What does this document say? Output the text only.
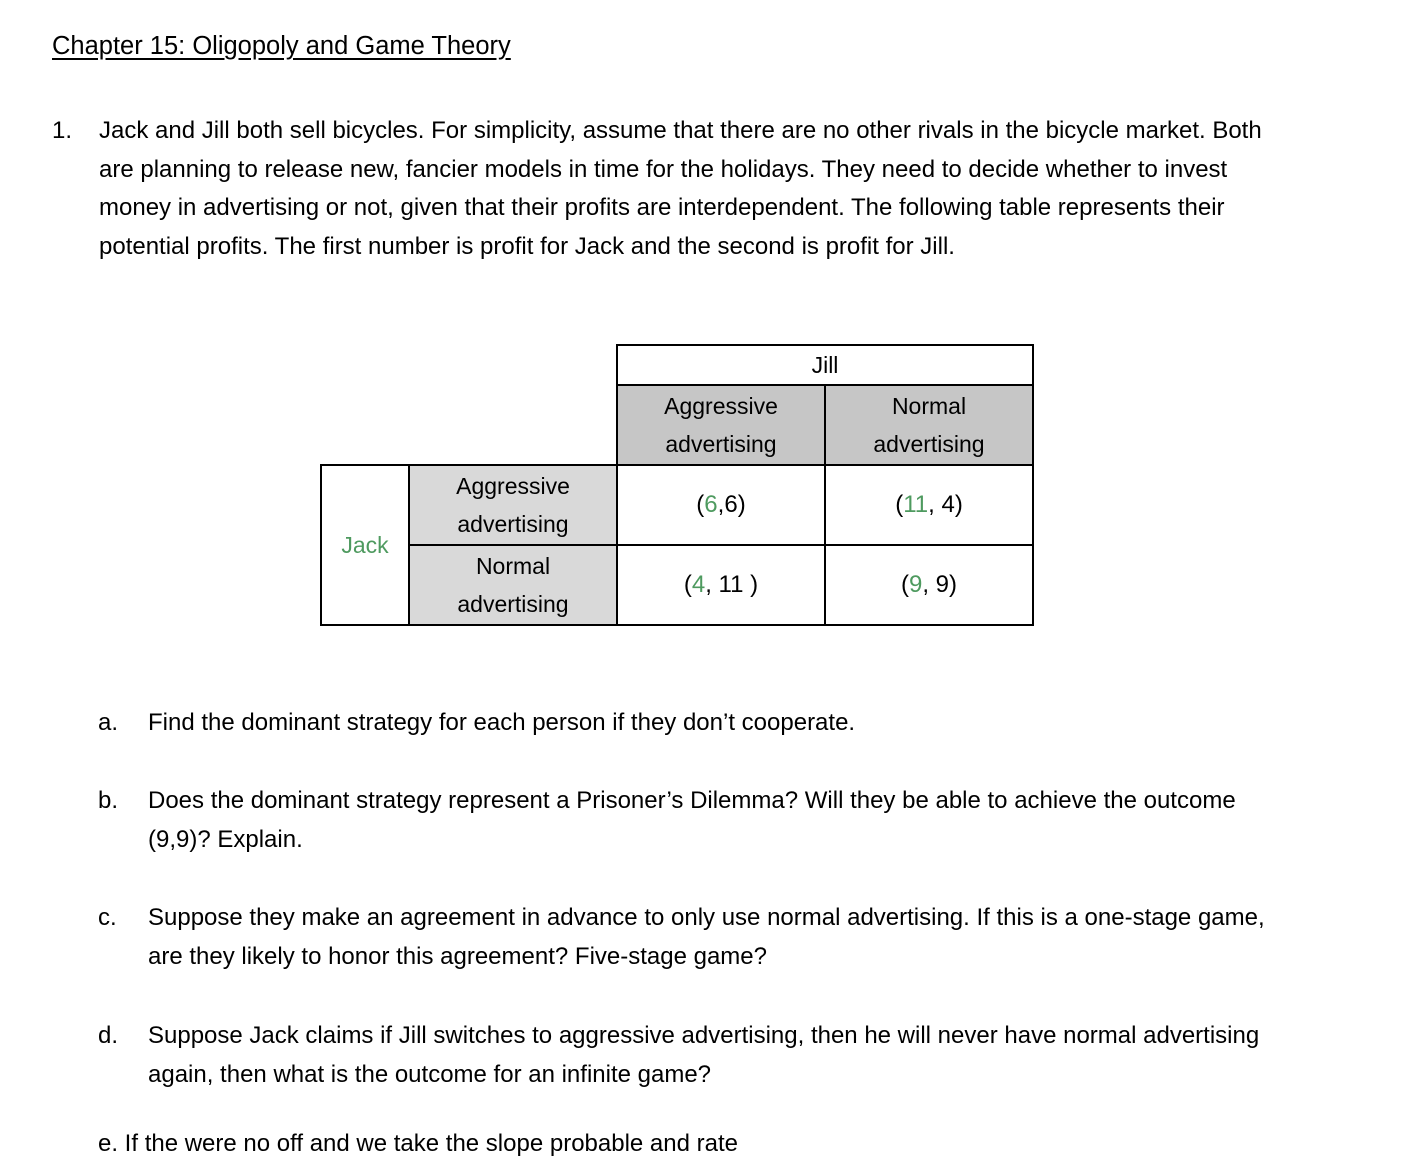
Chapter 15: Oligopoly and Game Theory
1.	Jack and Jill both sell bicycles. For simplicity, assume that there are no other rivals in the bicycle market. Both are planning to release new, fancier models in time for the holidays. They need to decide whether to invest money in advertising or not, given that their profits are interdependent. The following table represents their potential profits. The first number is profit for Jack and the second is profit for Jill.
		Jill	

		Aggressive
advertising	Normal
advertising

Jack	Aggressive
advertising	(6,6)	(11, 4)

	Normal
advertising	(4, 11 )	(9, 9)
a.	Find the dominant strategy for each person if they don’t cooperate.
b.	Does the dominant strategy represent a Prisoner’s Dilemma? Will they be able to achieve the outcome (9,9)? Explain.
c.	Suppose they make an agreement in advance to only use normal advertising. If this is a one-stage game, are they likely to honor this agreement? Five-stage game?
d.	Suppose Jack claims if Jill switches to aggressive advertising, then he will never have normal advertising again, then what is the outcome for an infinite game?
e. If the were no off and we take the slope probable and rate
